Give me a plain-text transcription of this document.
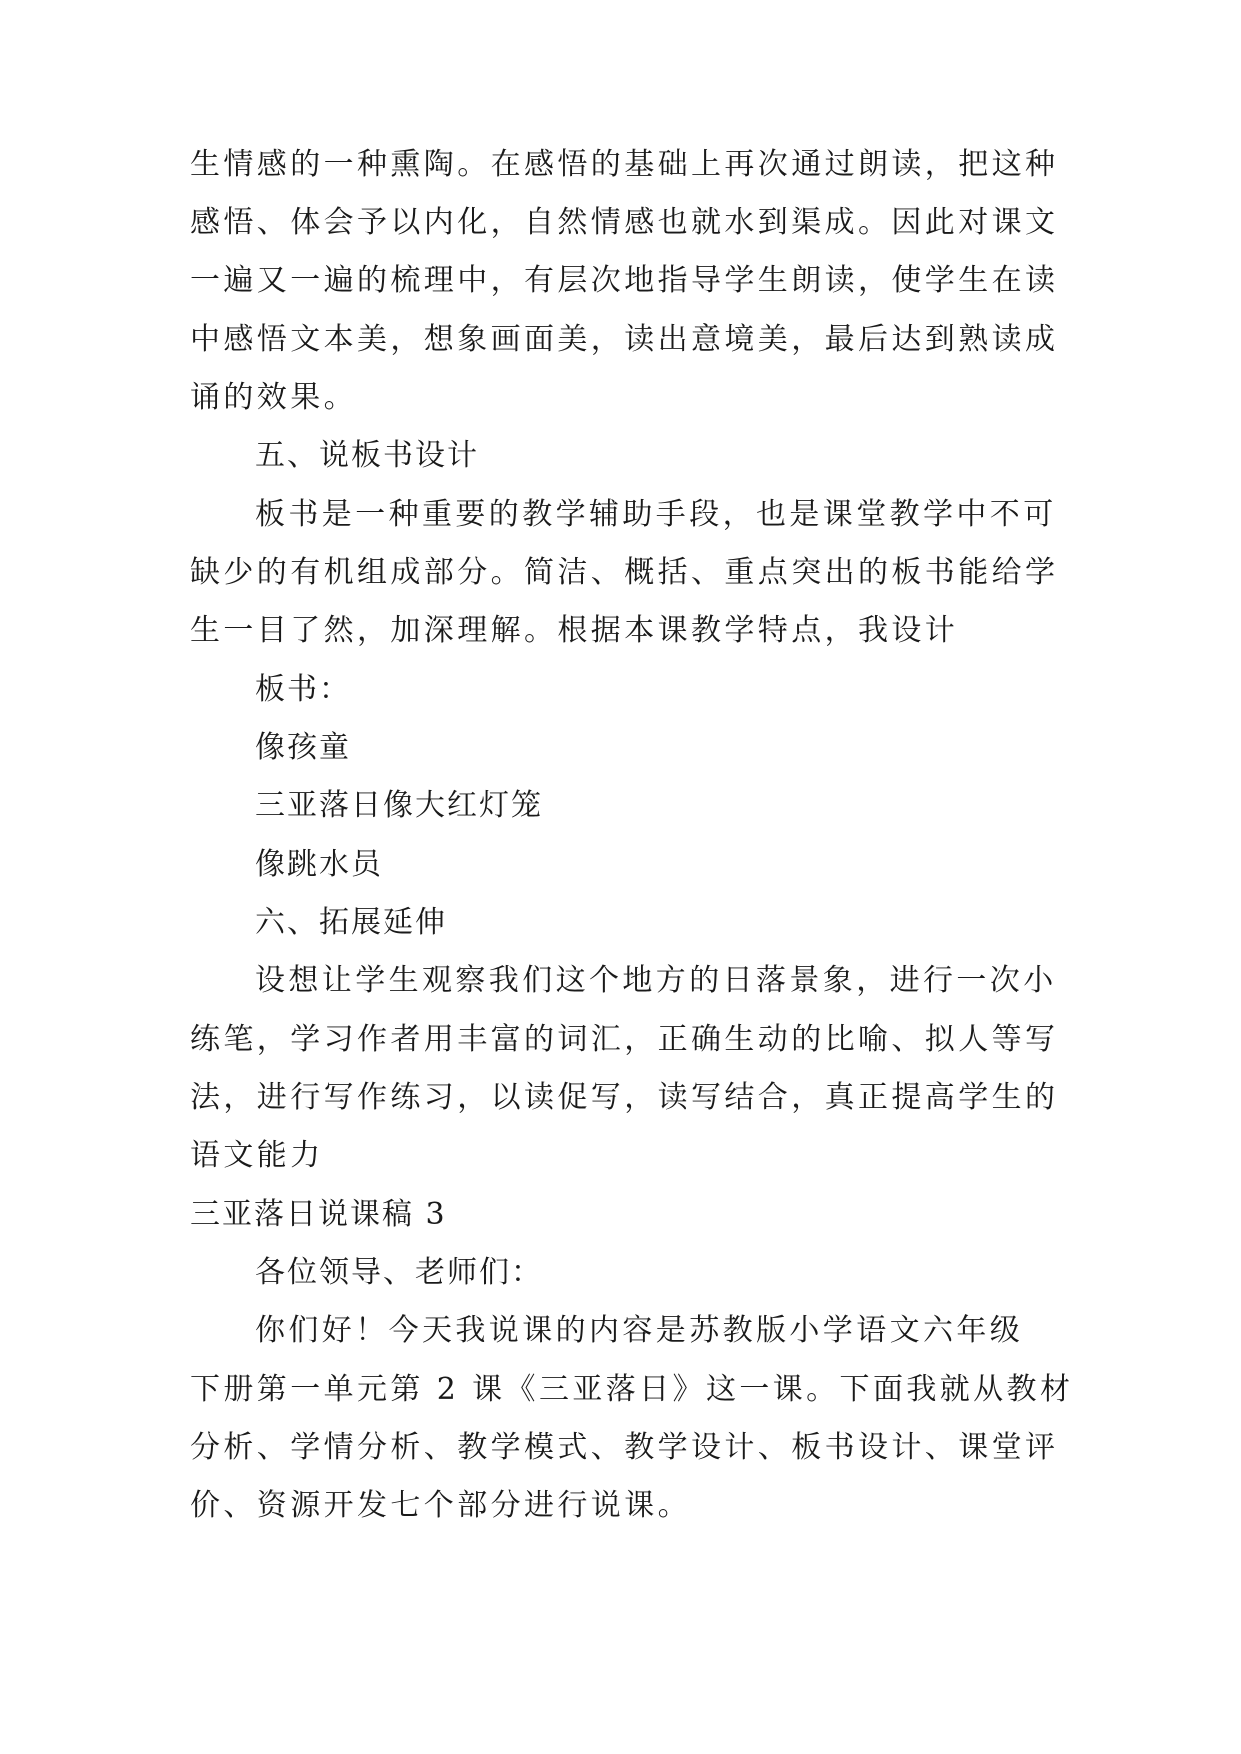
生情感的一种熏陶。在感悟的基础上再次通过朗读，把这种
感悟、体会予以内化，自然情感也就水到渠成。因此对课文
一遍又一遍的梳理中，有层次地指导学生朗读，使学生在读
中感悟文本美，想象画面美，读出意境美，最后达到熟读成
诵的效果。
五、说板书设计
板书是一种重要的教学辅助手段，也是课堂教学中不可
缺少的有机组成部分。简洁、概括、重点突出的板书能给学
生一目了然，加深理解。根据本课教学特点，我设计
板书：
像孩童
三亚落日像大红灯笼
像跳水员
六、拓展延伸
设想让学生观察我们这个地方的日落景象，进行一次小
练笔，学习作者用丰富的词汇，正确生动的比喻、拟人等写
法，进行写作练习，以读促写，读写结合，真正提高学生的
语文能力
三亚落日说课稿 3
各位领导、老师们：
你们好！今天我说课的内容是苏教版小学语文六年级
下册第一单元第 2 课《三亚落日》这一课。下面我就从教材
分析、学情分析、教学模式、教学设计、板书设计、课堂评
价、资源开发七个部分进行说课。
